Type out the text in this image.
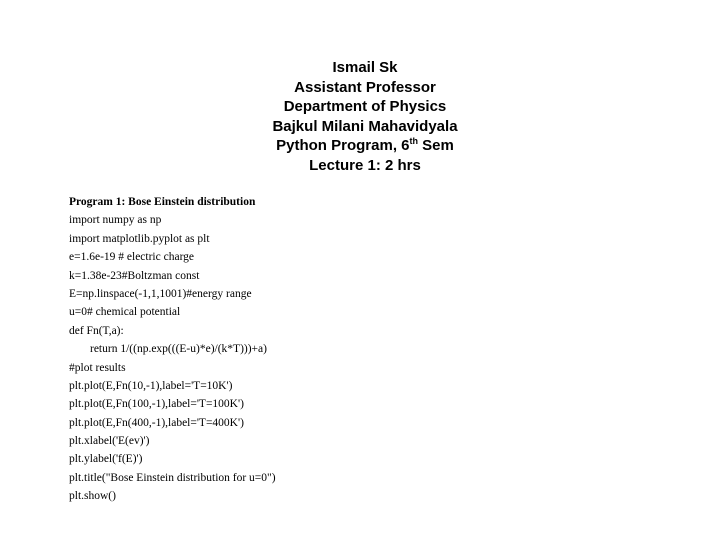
Ismail Sk
Assistant Professor
Department of Physics
Bajkul Milani Mahavidyala
Python Program, 6th Sem
Lecture 1: 2 hrs
Program 1: Bose Einstein distribution
import numpy as np
import matplotlib.pyplot as plt
e=1.6e-19 # electric charge
k=1.38e-23#Boltzman const
E=np.linspace(-1,1,1001)#energy range
u=0# chemical potential
def Fn(T,a):
return 1/((np.exp(((E-u)*e)/(k*T)))+a)
#plot results
plt.plot(E,Fn(10,-1),label='T=10K')
plt.plot(E,Fn(100,-1),label='T=100K')
plt.plot(E,Fn(400,-1),label='T=400K')
plt.xlabel('E(ev)')
plt.ylabel('f(E)')
plt.title("Bose Einstein distribution for u=0")
plt.show()
